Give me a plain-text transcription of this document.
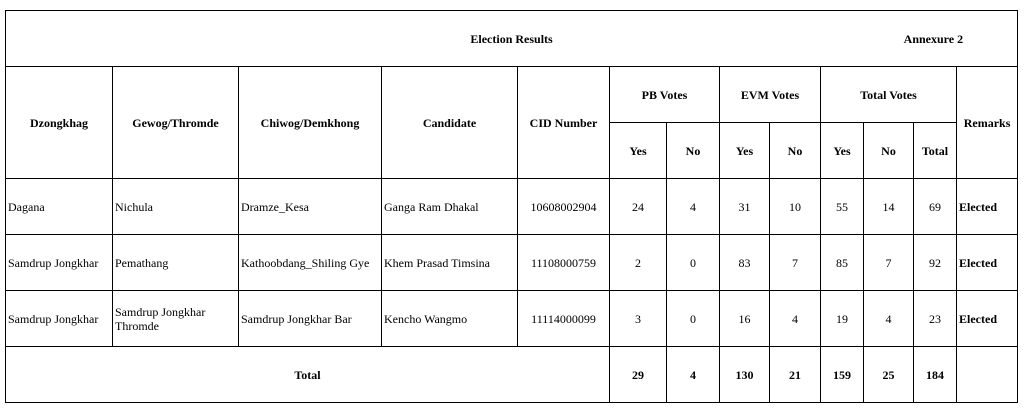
Election Results Annexure 2												

Dzongkhag	Gewog/Thromde	Chiwog/Demkhong	Candidate	CID Number	PB Votes		EVM Votes		Total Votes			Remarks
					Yes	No	Yes	No	Yes	No	Total	
Dagana	Nichula	Dramze_Kesa	Ganga Ram Dhakal	10608002904	24	4	31	10	55	14	69	Elected
Samdrup Jongkhar	Pemathang	Kathoobdang_Shiling Gye	Khem Prasad Timsina	11108000759	2	0	83	7	85	7	92	Elected
Samdrup Jongkhar	Samdrup Jongkhar Thromde	Samdrup Jongkhar Bar	Kencho Wangmo	11114000099	3	0	16	4	19	4	23	Elected
Total					29	4	130	21	159	25	184	
